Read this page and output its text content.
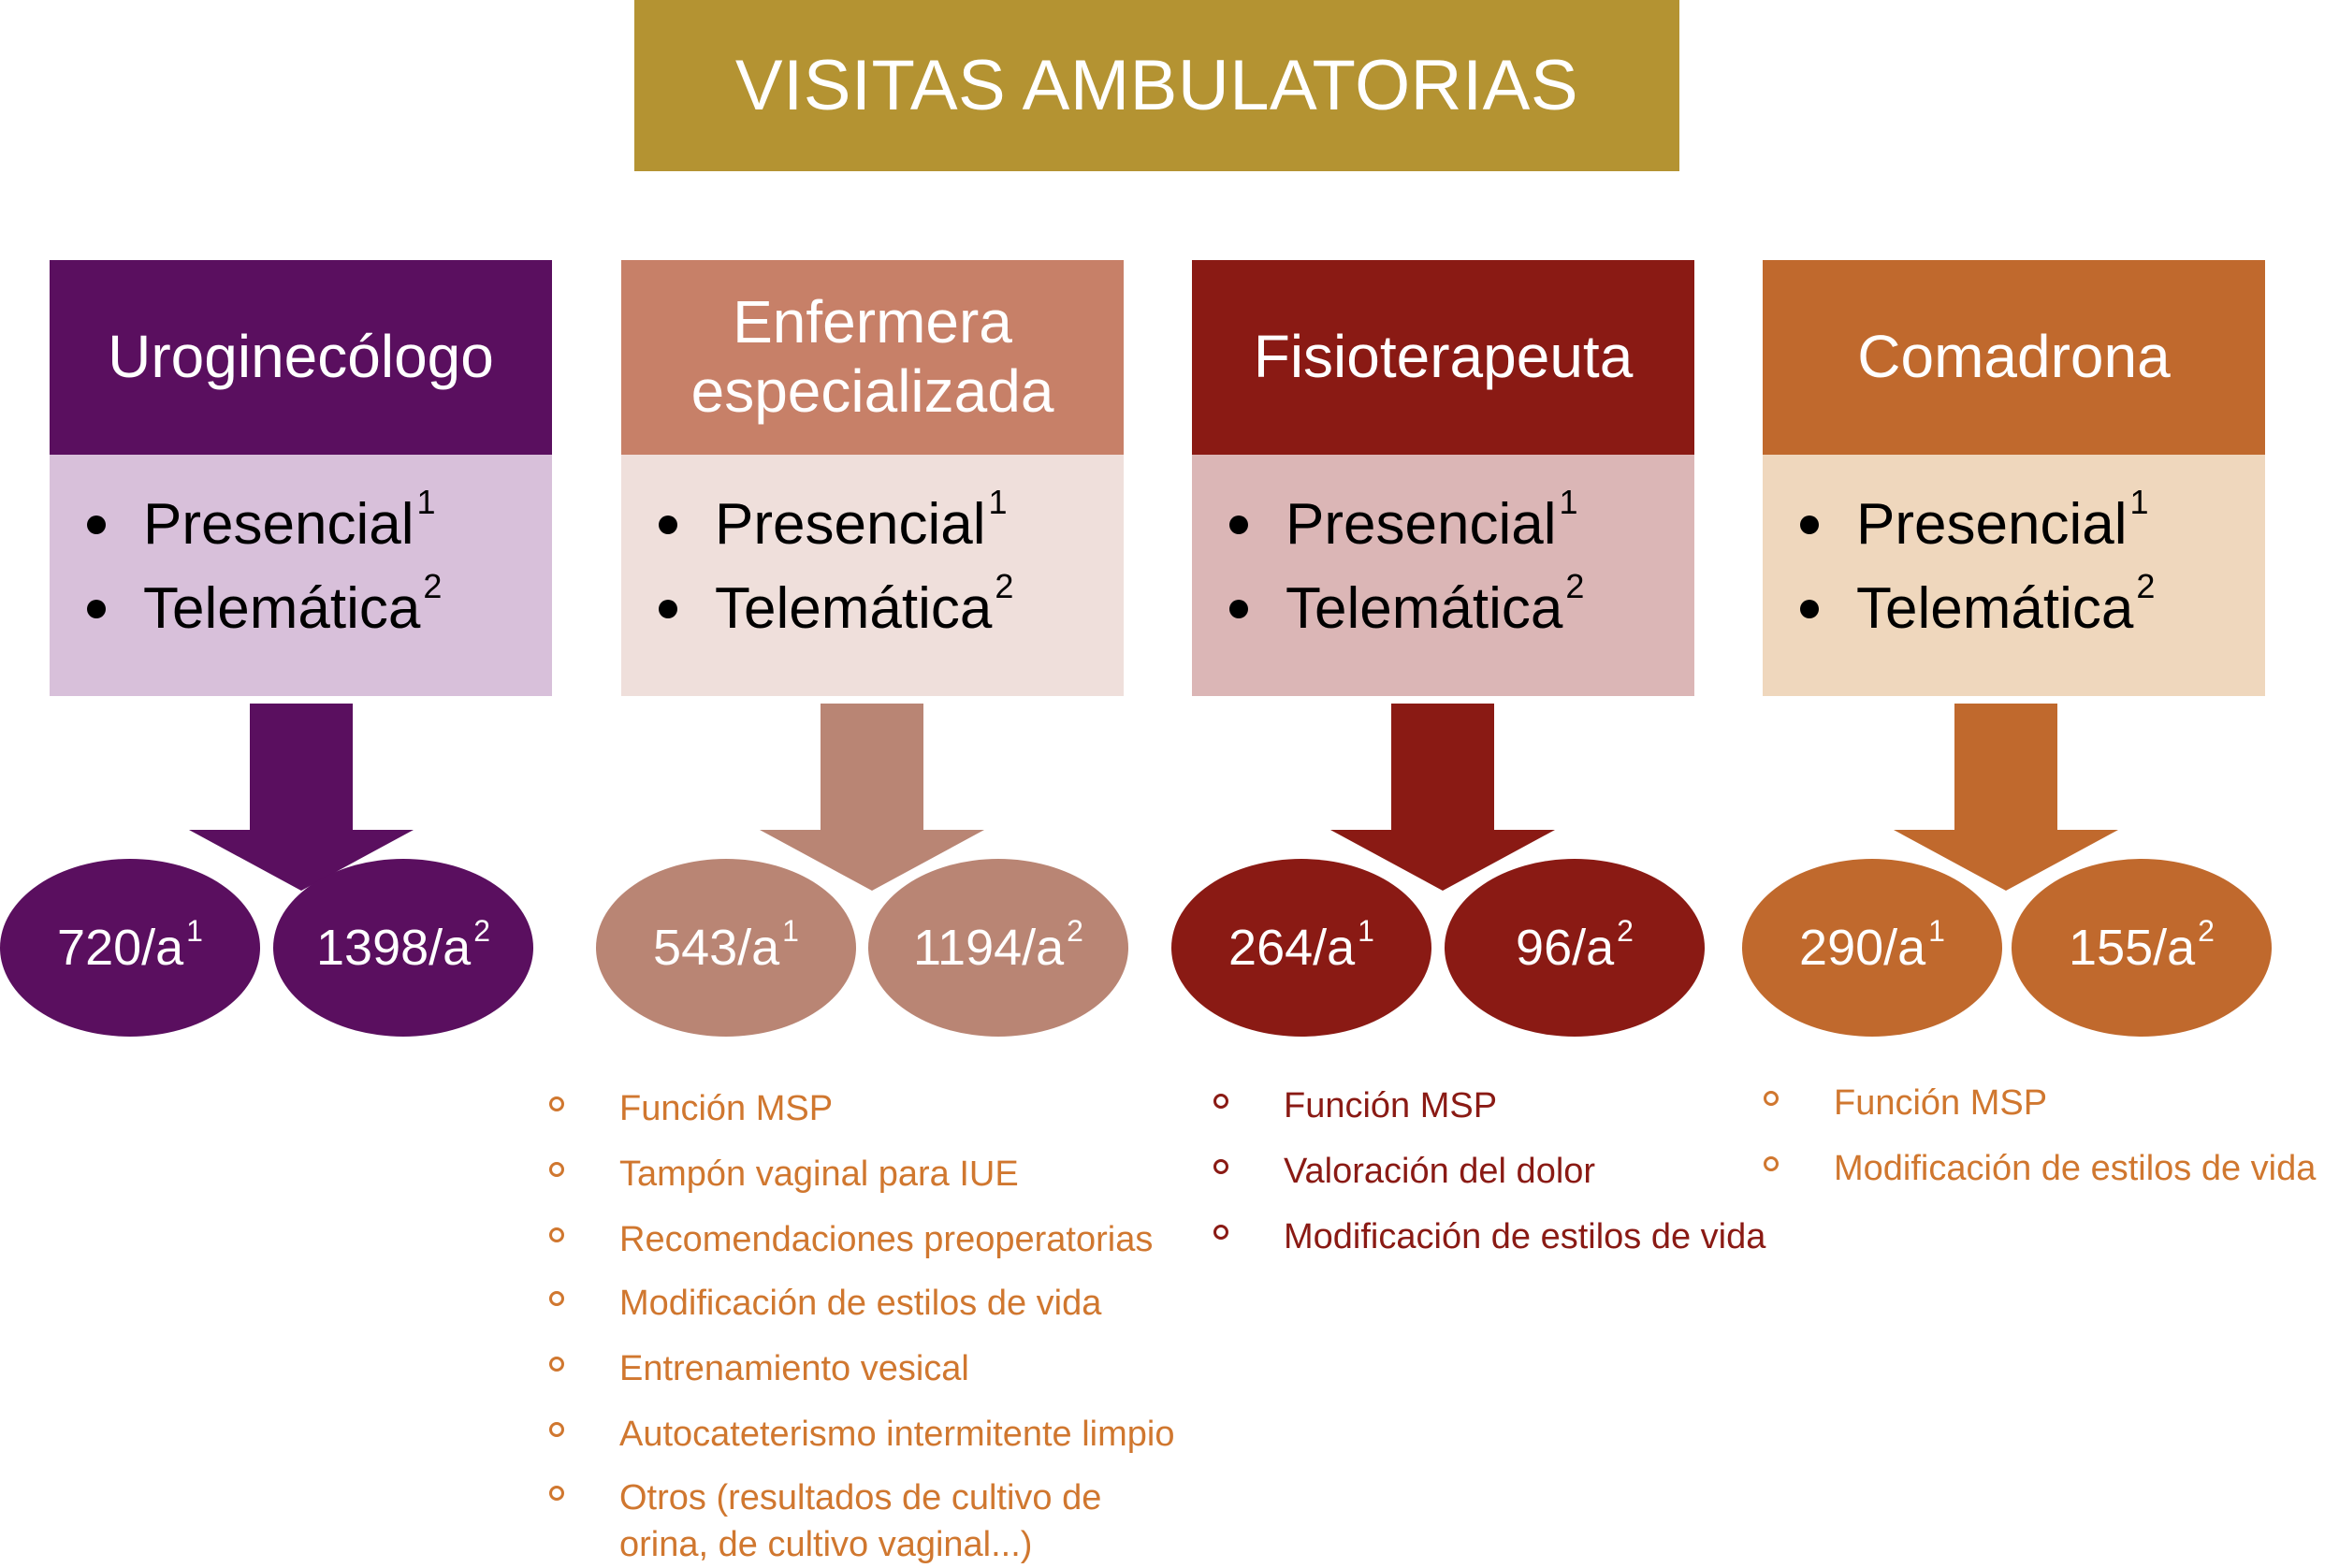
VISITAS AMBULATORIAS
Uroginecólogo
Presencial 1
Telemática 2
Enfermera especializada
Presencial 1
Telemática 2
Fisioterapeuta
Presencial 1
Telemática 2
Comadrona
Presencial 1
Telemática 2
720/a 1 1398/a 2	543/a 1 1194/a 2	264/a 1	96/a 2	290/a 1 155/a 2
Función MSP
Tampón vaginal para IUE
Recomendaciones preoperatorias
Modificación de estilos de vida
Entrenamiento vesical
Autocateterismo intermitente limpio
Otros (resultados de cultivo de orina, de cultivo vaginal...)
Función MSP
Valoración del dolor
Modificación de estilos de vida
Función MSP
Modificación de estilos de vida
